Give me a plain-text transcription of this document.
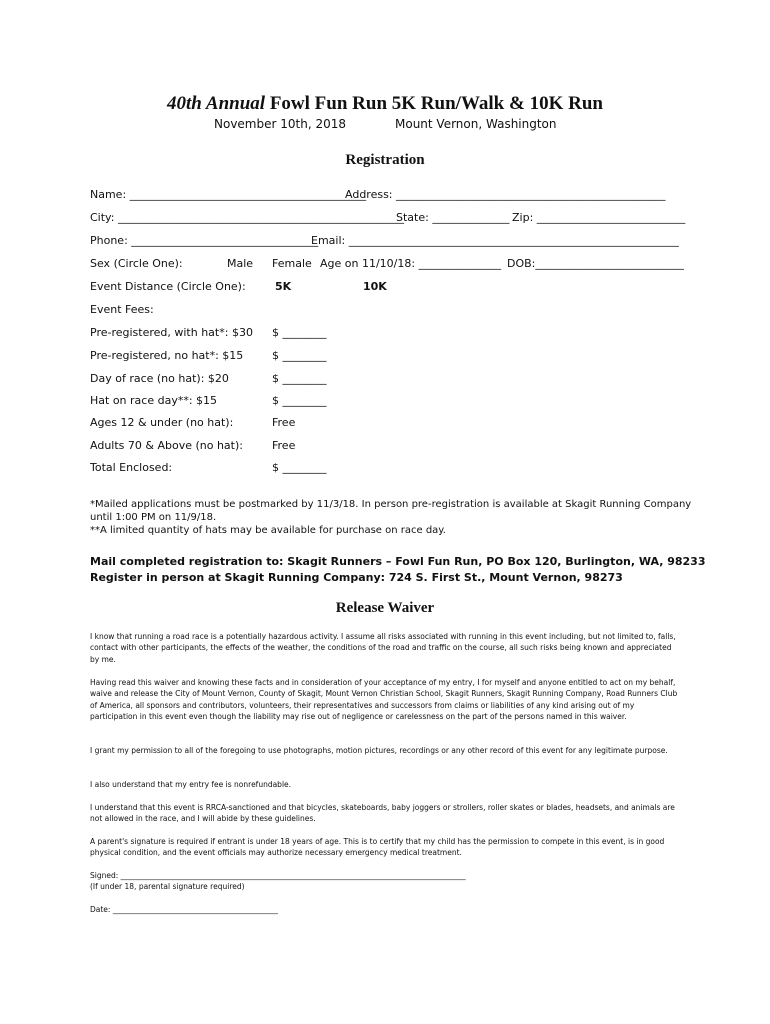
40th Annual Fowl Fun Run 5K Run/Walk & 10K Run
November 10th, 2018	Mount Vernon, Washington
Registration
Name: ___________________________________________
Address: _________________________________________________
City: ____________________________________________________
State: ______________ Zip: ___________________________
Phone: __________________________________
Email: ____________________________________________________________
Sex (Circle One):	Male Female Age on 11/10/18: _______________ DOB:___________________________
Event Distance (Circle One):	5K	10K
Event Fees:
Pre-registered, with hat*: $30 $ ________
Pre-registered, no hat*: $15	$ ________
Day of race (no hat): $20	$ ________
Hat on race day**: $15	$ ________
Ages 12 & under (no hat):	Free
Adults 70 & Above (no hat):	Free
Total Enclosed:	$ ________
*Mailed applications must be postmarked by 11/3/18. In person pre-registration is available at Skagit Running Company
until 1:00 PM on 11/9/18.
**A limited quantity of hats may be available for purchase on race day.
Mail completed registration to: Skagit Runners – Fowl Fun Run, PO Box 120, Burlington, WA, 98233
Register in person at Skagit Running Company: 724 S. First St., Mount Vernon, 98273
Release Waiver

I know that running a road race is a potentially hazardous activity. I assume all risks associated with running in this event including, but not limited to, falls, contact with other participants, the effects of the weather, the conditions of the road and traffic on the course, all such risks being known and appreciated by me.

Having read this waiver and knowing these facts and in consideration of your acceptance of my entry, I for myself and anyone entitled to act on my behalf, waive and release the City of Mount Vernon, County of Skagit, Mount Vernon Christian School, Skagit Runners, Skagit Running Company, Road Runners Club of America, all sponsors and contributors, volunteers, their representatives and successors from claims or liabilities of any kind arising out of my participation in this event even though the liability may rise out of negligence or carelessness on the part of the persons named in this waiver.

I grant my permission to all of the foregoing to use photographs, motion pictures, recordings or any other record of this event for any legitimate purpose.

I also understand that my entry fee is nonrefundable.

I understand that this event is RRCA-sanctioned and that bicycles, skateboards, baby joggers or strollers, roller skates or blades, headsets, and animals are not allowed in the race, and I will abide by these guidelines.

A parent's signature is required if entrant is under 18 years of age. This is to certify that my child has the permission to compete in this event, is in good physical condition, and the event officials may authorize necessary emergency medical treatment.

Signed: ____________________________________________________________________________________________
(If under 18, parental signature required)
Date: ____________________________________________
